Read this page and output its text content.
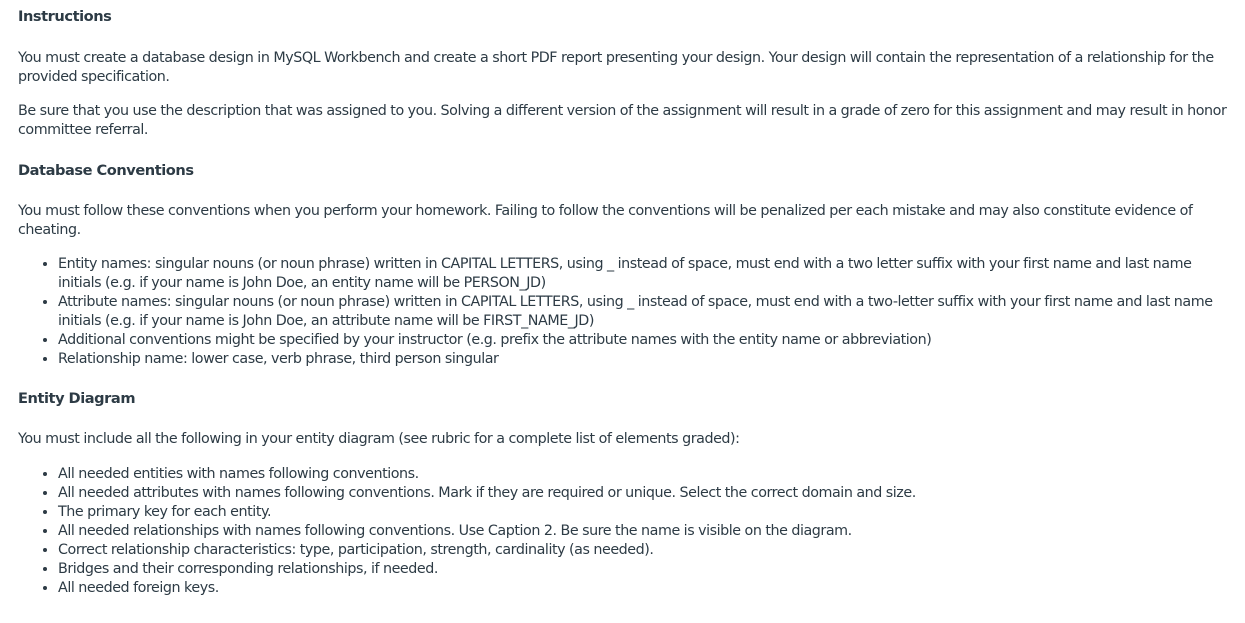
Instructions

You must create a database design in MySQL Workbench and create a short PDF report presenting your design. Your design will contain the representation of a relationship for the provided specification.

Be sure that you use the description that was assigned to you. Solving a different version of the assignment will result in a grade of zero for this assignment and may result in honor committee referral.

Database Conventions

You must follow these conventions when you perform your homework. Failing to follow the conventions will be penalized per each mistake and may also constitute evidence of cheating.

• Entity names: singular nouns (or noun phrase) written in CAPITAL LETTERS, using _ instead of space, must end with a two letter suffix with your first name and last name initials (e.g. if your name is John Doe, an entity name will be PERSON_JD)
• Attribute names: singular nouns (or noun phrase) written in CAPITAL LETTERS, using _ instead of space, must end with a two-letter suffix with your first name and last name initials (e.g. if your name is John Doe, an attribute name will be FIRST_NAME_JD)
• Additional conventions might be specified by your instructor (e.g. prefix the attribute names with the entity name or abbreviation)
• Relationship name: lower case, verb phrase, third person singular
Entity Diagram

You must include all the following in your entity diagram (see rubric for a complete list of elements graded):

• All needed entities with names following conventions.
• All needed attributes with names following conventions. Mark if they are required or unique. Select the correct domain and size.
• The primary key for each entity.
• All needed relationships with names following conventions. Use Caption 2. Be sure the name is visible on the diagram.
• Correct relationship characteristics: type, participation, strength, cardinality (as needed).
• Bridges and their corresponding relationships, if needed.
• All needed foreign keys.
